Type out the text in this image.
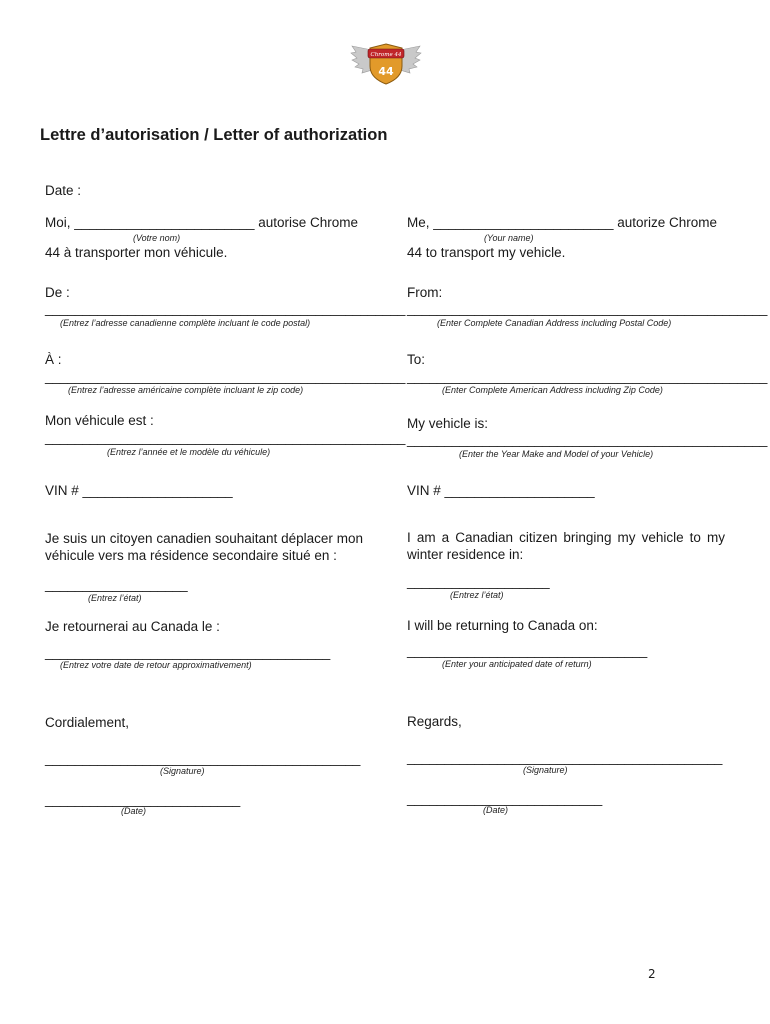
Chrome 44
44
Lettre d’autorisation / Letter of authorization
Date :
Moi, ________________________ autorise Chrome
(Votre nom)
44 à transporter mon véhicule.
De :
________________________________________________
(Entrez l’adresse canadienne complète incluant le code postal)
À :
________________________________________________
(Entrez l’adresse américaine complète incluant le zip code)
Mon véhicule est :
________________________________________________
(Entrez l’année et le modèle du véhicule)
VIN # ____________________
Je suis un citoyen canadien souhaitant déplacer mon véhicule vers ma résidence secondaire situé en :
___________________
(Entrez l’état)
Je retournerai au Canada le :
______________________________________
(Entrez votre date de retour approximativement)
Cordialement,
__________________________________________
(Signature)
__________________________
(Date)
Me, ________________________ autorize Chrome
(Your name)
44 to transport my vehicle.
From:
________________________________________________
(Enter Complete Canadian Address including Postal Code)
To:
________________________________________________
(Enter Complete American Address including Zip Code)
My vehicle is:
________________________________________________
(Enter the Year Make and Model of your Vehicle)
VIN # ____________________
I am a Canadian citizen bringing my vehicle to my winter residence in:
___________________
(Entrez l’état)
I will be returning to Canada on:
________________________________
(Enter your anticipated date of return)
Regards,
__________________________________________
(Signature)
__________________________
(Date)
2
